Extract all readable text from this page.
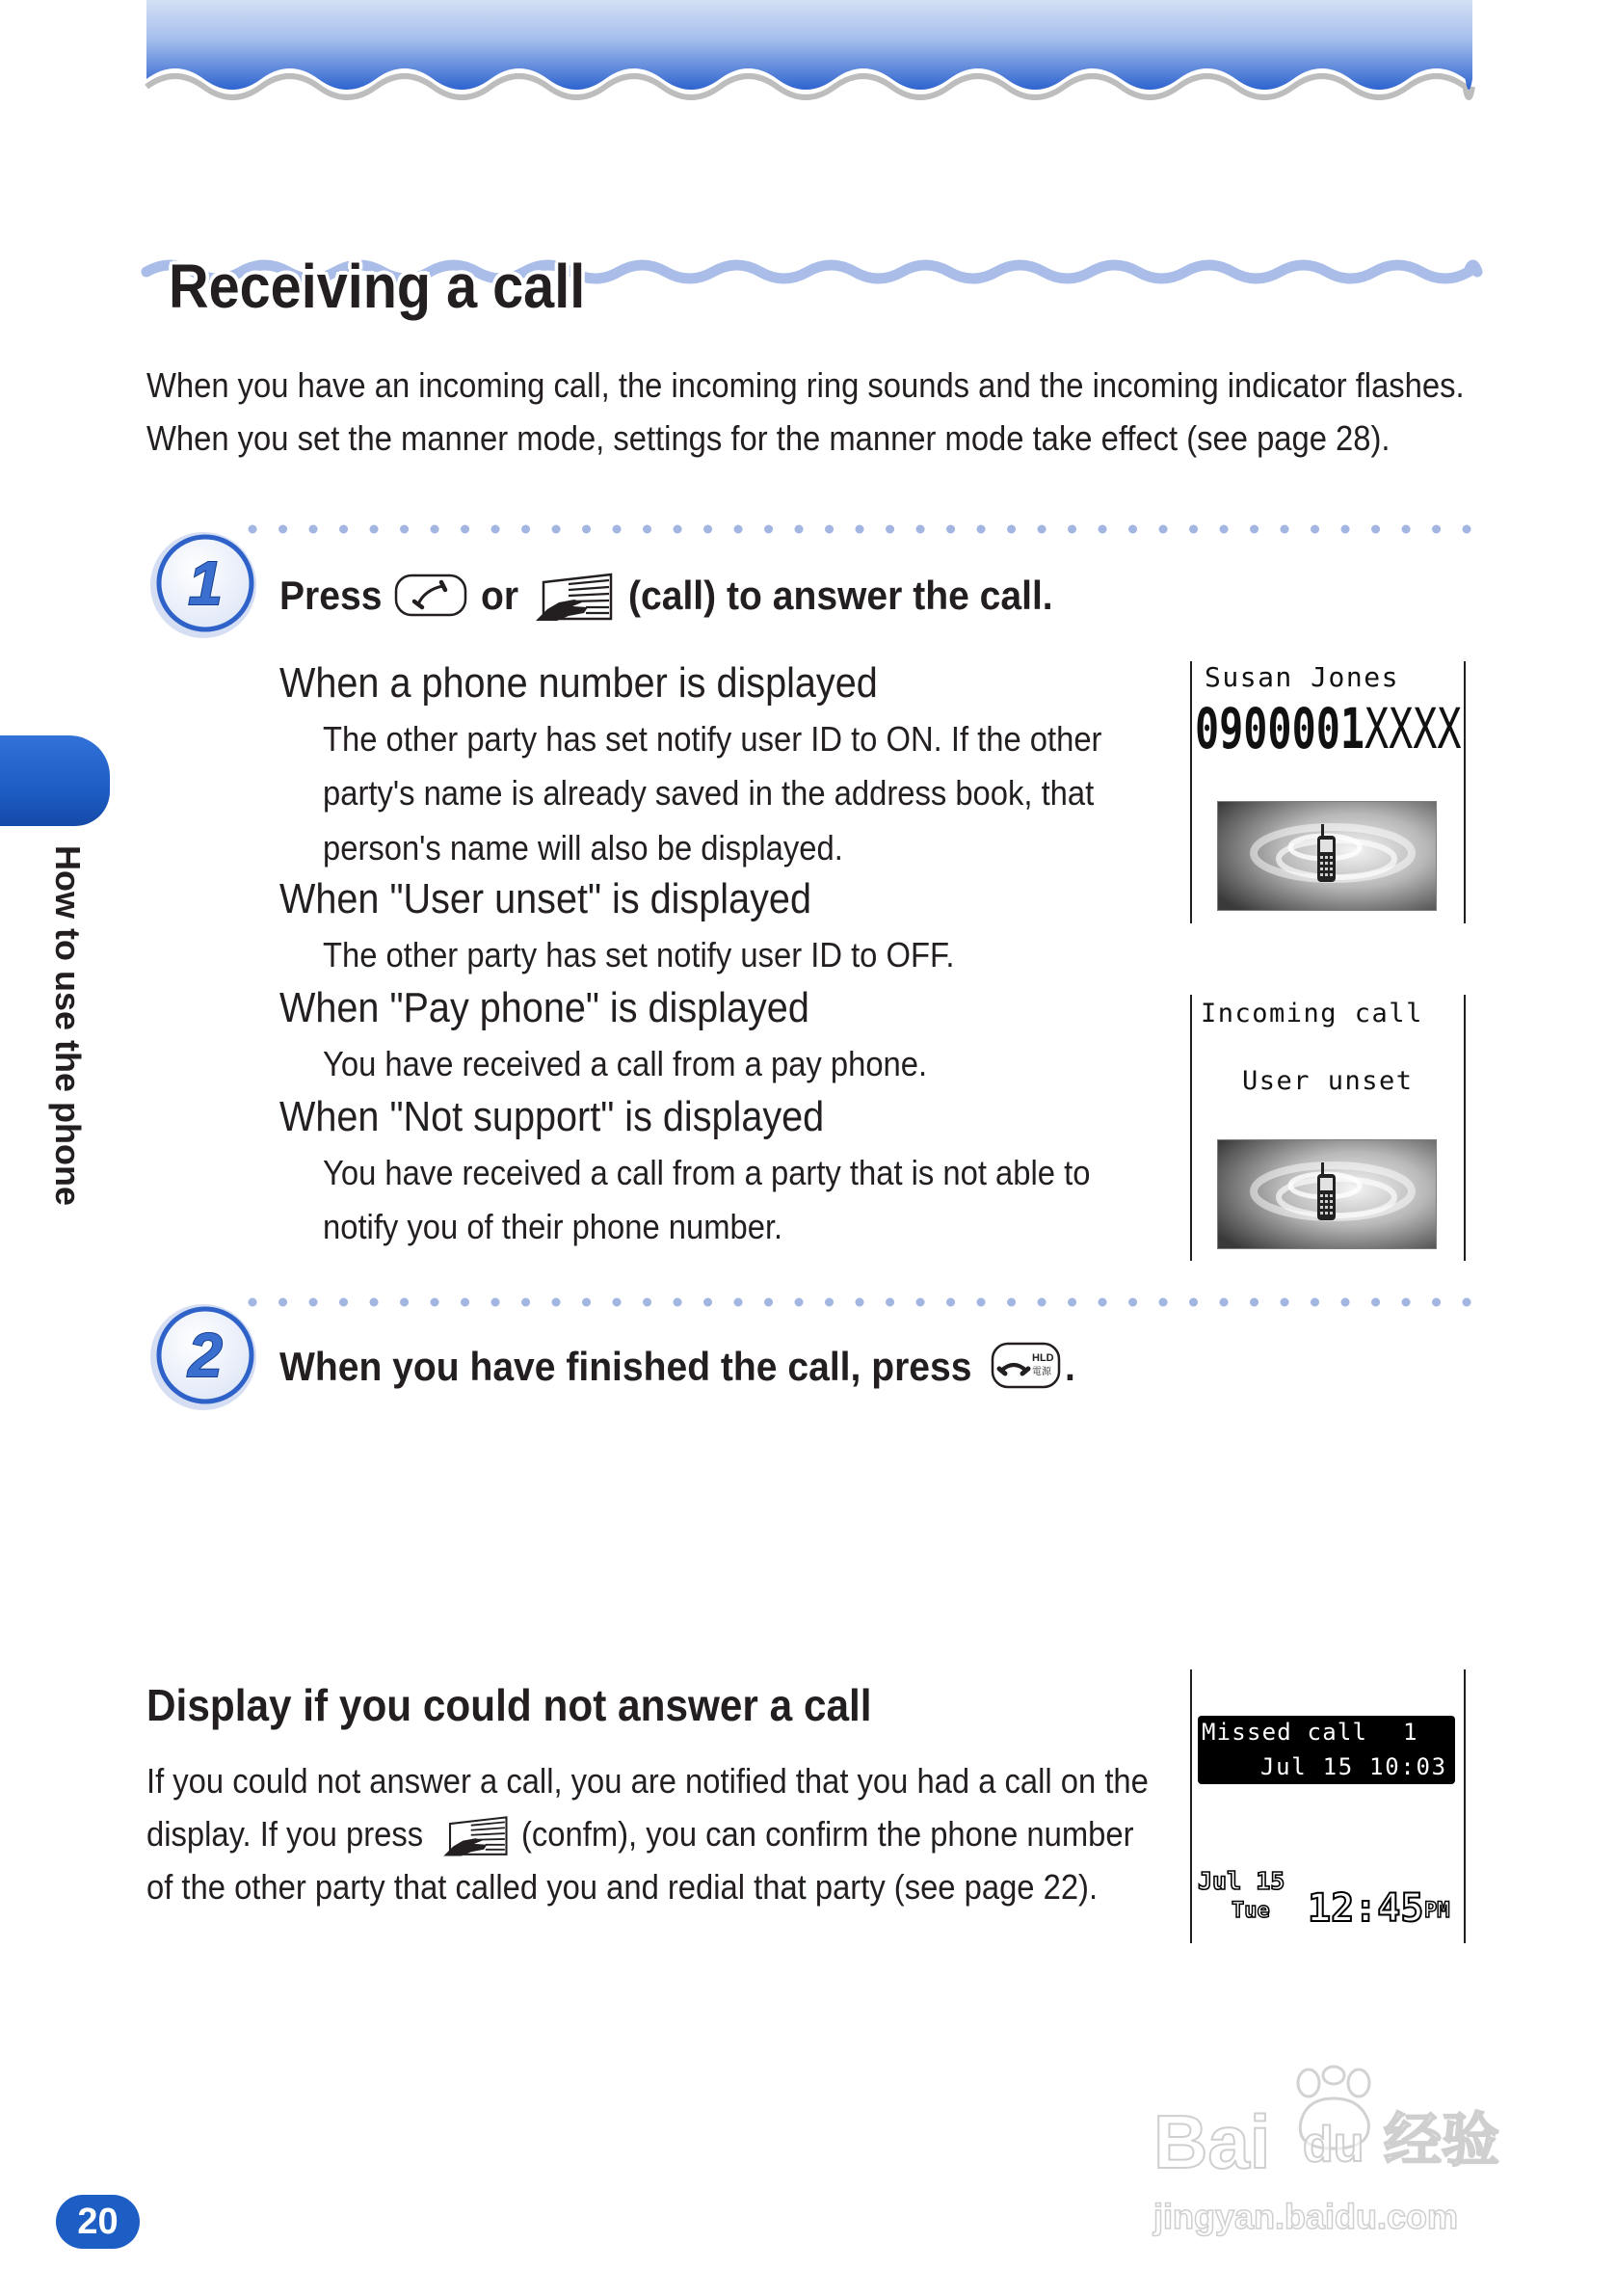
How to use the phone
Receiving a call
When you have an incoming call, the incoming ring sounds and the incoming indicator flashes.
When you set the manner mode, settings for the manner mode take effect (see page 28).
1 Press or	(call) to answer the call.
When a phone number is displayed
The other party has set notify user ID to ON. If the other
party's name is already saved in the address book, that
person's name will also be displayed.
When "User unset" is displayed
The other party has set notify user ID to OFF.
When "Pay phone" is displayed
You have received a call from a pay phone.
When "Not support" is displayed
You have received a call from a party that is not able to
notify you of their phone number.
Susan Jones
0900001XXXX
Incoming call
User unset
2 When you have finished the call, press	HLD
電源 .
Display if you could not answer a call
If you could not answer a call, you are notified that you had a call on the
display. If you press	(confm), you can confirm the phone number
of the other party that called you and redial that party (see page 22).
Missed call 1
Jul 15 10:03
Jul 15
Tue 12:45 PM
20
Bai du 经验
jingyan.baidu.com
